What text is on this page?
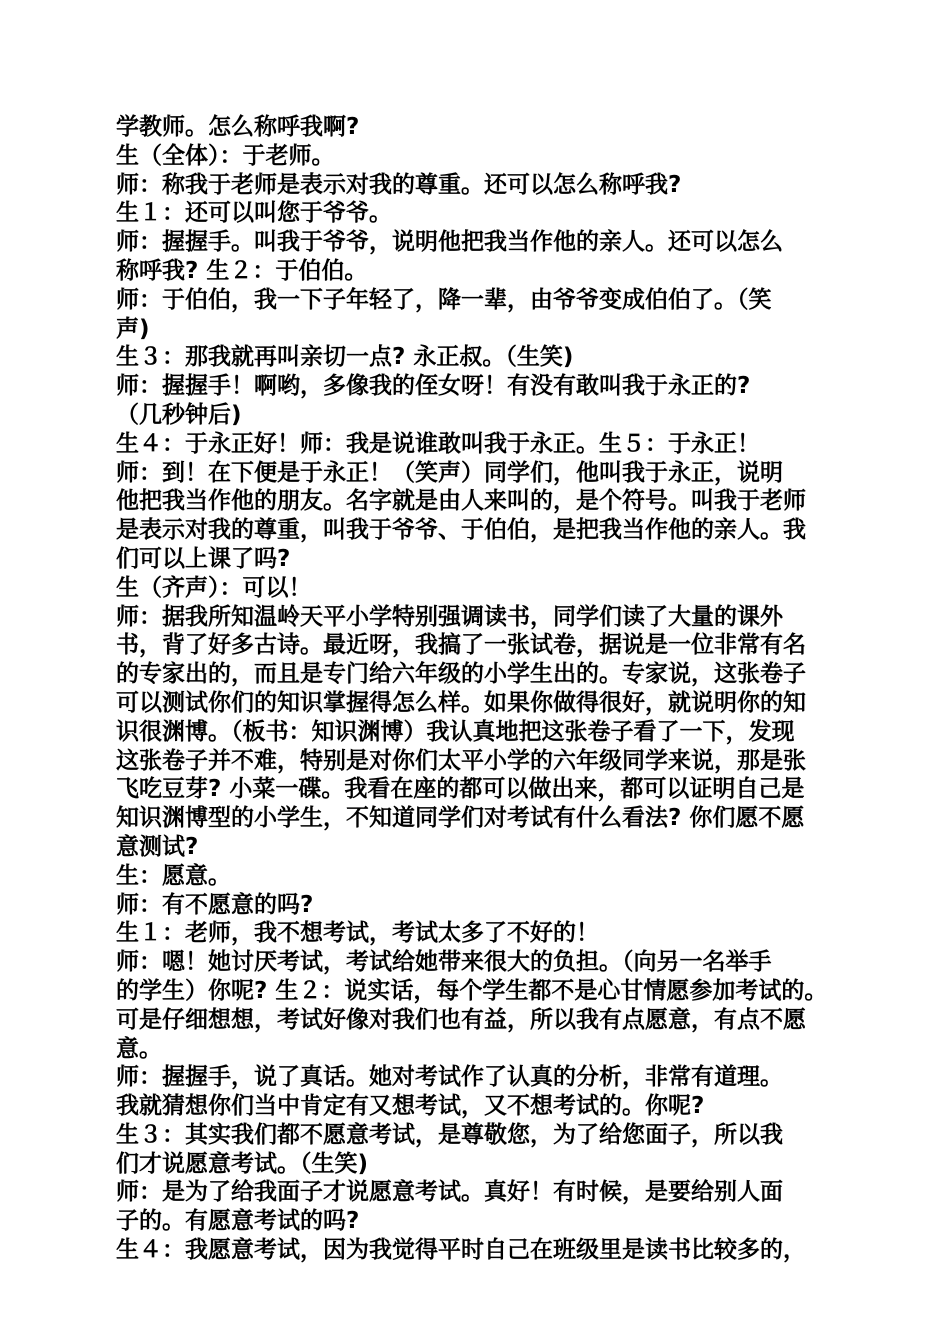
学教师。怎么称呼我啊?
生（全体）：于老师。
师：称我于老师是表示对我的尊重。还可以怎么称呼我?
生１：还可以叫您于爷爷。
师：握握手。叫我于爷爷，说明他把我当作他的亲人。还可以怎么
称呼我? 生２：于伯伯。
师：于伯伯，我一下子年轻了，降一辈，由爷爷变成伯伯了。（笑
声)
生３：那我就再叫亲切一点? 永正叔。（生笑)
师：握握手！啊哟，多像我的侄女呀！有没有敢叫我于永正的?
（几秒钟后)
生４：于永正好！师：我是说谁敢叫我于永正。生５：于永正！
师：到！在下便是于永正！（笑声）同学们，他叫我于永正，说明
他把我当作他的朋友。名字就是由人来叫的，是个符号。叫我于老师
是表示对我的尊重，叫我于爷爷、于伯伯，是把我当作他的亲人。我
们可以上课了吗?
生（齐声）：可以！
师：据我所知温岭天平小学特别强调读书，同学们读了大量的课外
书，背了好多古诗。最近呀，我搞了一张试卷，据说是一位非常有名
的专家出的，而且是专门给六年级的小学生出的。专家说，这张卷子
可以测试你们的知识掌握得怎么样。如果你做得很好，就说明你的知
识很渊博。（板书：知识渊博）我认真地把这张卷子看了一下，发现
这张卷子并不难，特别是对你们太平小学的六年级同学来说，那是张
飞吃豆芽? 小菜一碟。我看在座的都可以做出来，都可以证明自己是
知识渊博型的小学生，不知道同学们对考试有什么看法? 你们愿不愿
意测试?
生：愿意。
师：有不愿意的吗?
生１：老师，我不想考试，考试太多了不好的！
师：嗯！她讨厌考试，考试给她带来很大的负担。（向另一名举手
的学生）你呢? 生２：说实话，每个学生都不是心甘情愿参加考试的。
可是仔细想想，考试好像对我们也有益，所以我有点愿意，有点不愿
意。
师：握握手，说了真话。她对考试作了认真的分析，非常有道理。
我就猜想你们当中肯定有又想考试，又不想考试的。你呢?
生３：其实我们都不愿意考试，是尊敬您，为了给您面子，所以我
们才说愿意考试。（生笑)
师：是为了给我面子才说愿意考试。真好！有时候，是要给别人面
子的。有愿意考试的吗?
生４：我愿意考试，因为我觉得平时自己在班级里是读书比较多的，
